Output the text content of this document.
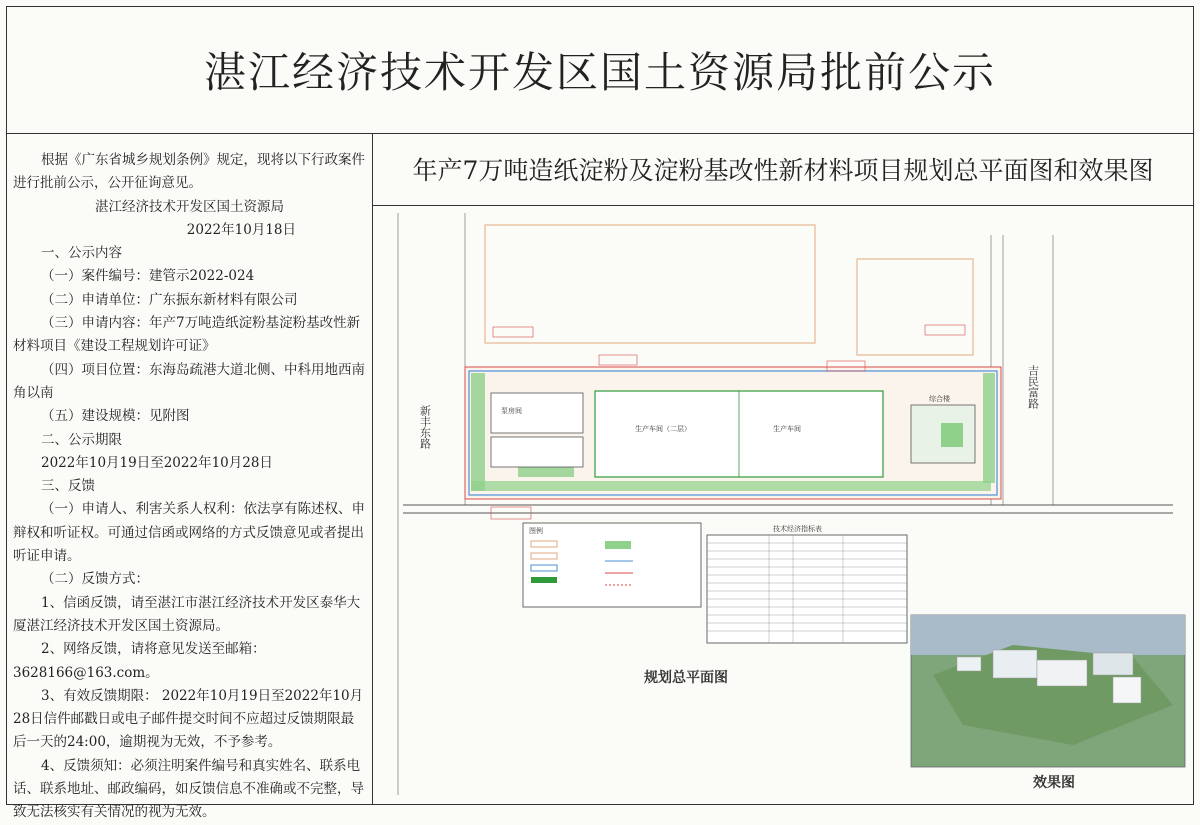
湛江经济技术开发区国土资源局批前公示

根据《广东省城乡规划条例》规定，现将以下行政案件进行批前公示，公开征询意见。

湛江经济技术开发区国土资源局

2022年10月18日

一、公示内容

（一）案件编号：建管示2022-024

（二）申请单位：广东振东新材料有限公司

（三）申请内容：年产7万吨造纸淀粉基淀粉基改性新材料项目《建设工程规划许可证》

（四）项目位置：东海岛疏港大道北侧、中科用地西南角以南

（五）建设规模：见附图

二、公示期限

2022年10月19日至2022年10月28日

三、反馈

（一）申请人、利害关系人权利：依法享有陈述权、申辩权和听证权。可通过信函或网络的方式反馈意见或者提出听证申请。

（二）反馈方式：

1、信函反馈，请至湛江市湛江经济技术开发区泰华大厦湛江经济技术开发区国土资源局。

2、网络反馈，请将意见发送至邮箱：3628166@163.com。

3、有效反馈期限： 2022年10月19日至2022年10月28日信件邮戳日或电子邮件提交时间不应超过反馈期限最后一天的24:00，逾期视为无效，不予参考。

4、反馈须知：必须注明案件编号和真实姓名、联系电话、联系地址、邮政编码，如反馈信息不准确或不完整，导致无法核实有关情况的视为无效。

年产7万吨造纸淀粉及淀粉基改性新材料项目规划总平面图和效果图
泵房间
生产车间（二层）	生产车间
综合楼
新丰东路
吉民富路
图例	技术经济指标表
规划总平面图
效果图
